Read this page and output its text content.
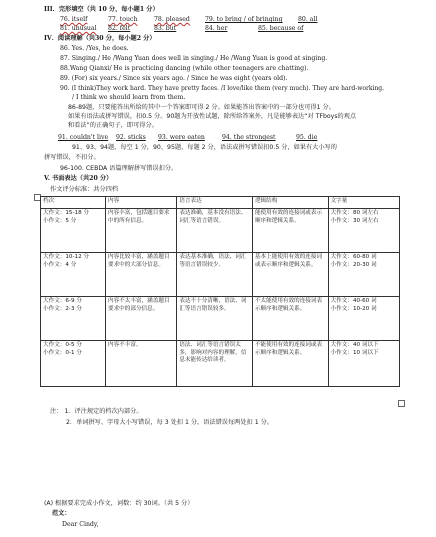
III．完形填空（共 10 分，每小题1 分）
76. itself	77. touch	78. pleased 79. to bring / of bringing 80. all
81. unusual 82. felt	83. but	84. her	85. because of
IV．阅读理解（共30 分，每小题2 分）
86. Yes. /Yes, he does.
87. Singing./ He /Wang Yuan does well in singing./ He /Wang Yuan is good at singing.
88.Wang Qianxi/ He is practicing dancing (while other teenagers are chatting).
89. (For) six years./ Since six years ago. / Since he was eight (years old).
90. (I think)They work hard. They have pretty faces. /I love/like them (very much). They are hard-working.
/ I think we should learn from them.
86-89题，只要能答出所给的其中一个答案即可得 2 分。如果能答出答案中的一部分也可得1 分。
如果有语法或拼写错误，扣0.5 分。90题为开放性试题，除所给答案外，凡是能够表达“对 TFboys的观点
和看法”的正确句子，即可得分。
91. couldn't live 92. sticks 93. were eaten	94. the strongest	95. die
91、93、94题，每空 1 分，90、95题，每题 2 分，语法或拼写错误扣0.5 分，如果有大小写的
拼写错误，不扣分。
96-100. CEBDA 语篇理解拼写错误扣分。
V. 书面表达（共20 分）
作文评分标准：共分四档
档次	内容	语言表达	逻辑结构	文字量
大作文：15-18 分
小作文：5 分	内容丰富，包括题目要求中的所有信息。	表达准确，基本没有语法、词汇等语言错误。	能使用有效的连接词或表示顺序和逻辑关系。	大作文：80 词左右
小作文：30 词左右
大作文：10-12 分
小作文：4 分	内容比较丰富，涵盖题目要求中的大部分信息。	表达基本准确，语法、词汇等语言错误较少。	基本上能使用有效的连接词或表示顺序和逻辑关系。	大作文：60-80 词
小作文：20-30 词
大作文：6-9 分
小作文：2-3 分	内容不太丰富，涵盖题目要求中的部分信息。	表达不十分清晰，语法、词汇等语言错误较多。	不太能使用有效的连接词表示顺序和逻辑关系。	大作文：40-60 词
小作文：10-20 词
大作文：0-5 分
小作文：0-1 分	内容不丰富。	语法、词汇等语言错误太多，影响对内容的理解，信息未能传达给读者。	不能使用有效的连接词或表示顺序和逻辑关系。	大作文：40 词以下
小作文：10 词以下
注： 1．评注规定的档次内部分。
2．单词拼写、字母大小写错误，每 3 处扣 1 分，语法错误每两处扣 1 分。
(A) 根据要求完成小作文，词数：约 30词。（共 5 分）
范文：
Dear Cindy,
